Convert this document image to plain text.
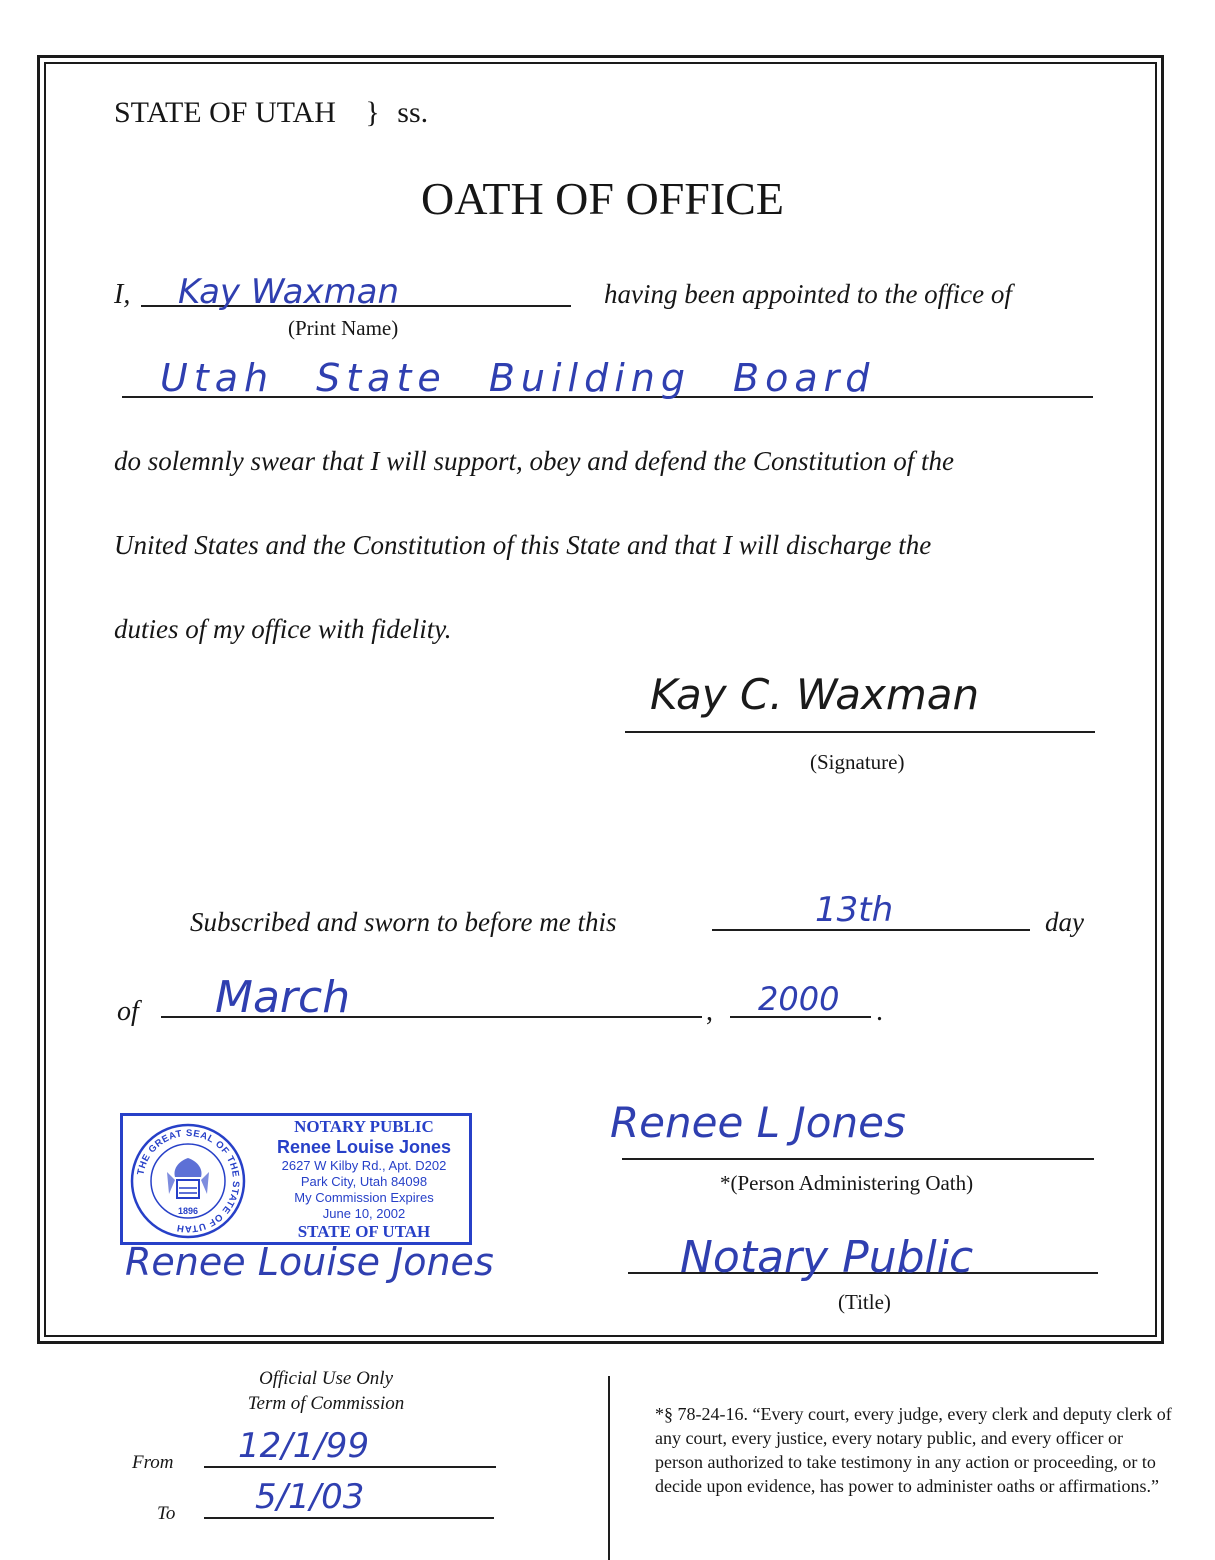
STATE OF UTAH } ss.
OATH OF OFFICE
I, Kay Waxman
(Print Name)
having been appointed to the office of
Utah State Building Board
do solemnly swear that I will support, obey and defend the Constitution of the
United States and the Constitution of this State and that I will discharge the
duties of my office with fidelity.
Kay C. Waxman
(Signature)
Subscribed and sworn to before me this	13th	day
of March	, 2000 .
THE GREAT SEAL OF THE STATE OF UTAH
1896
NOTARY PUBLIC
Renee Louise Jones
2627 W Kilby Rd., Apt. D202
Park City, Utah 84098
My Commission Expires
June 10, 2002
STATE OF UTAH
Renee L Jones
*(Person Administering Oath)
Renee Louise Jones	Notary Public
(Title)
Official Use Only
Term of Commission
From 12/1/99
To 5/1/03
*§ 78-24-16. “Every court, every judge, every clerk and deputy clerk of any court, every justice, every notary public, and every officer or person authorized to take testimony in any action or proceeding, or to decide upon evidence, has power to administer oaths or affirmations.”
